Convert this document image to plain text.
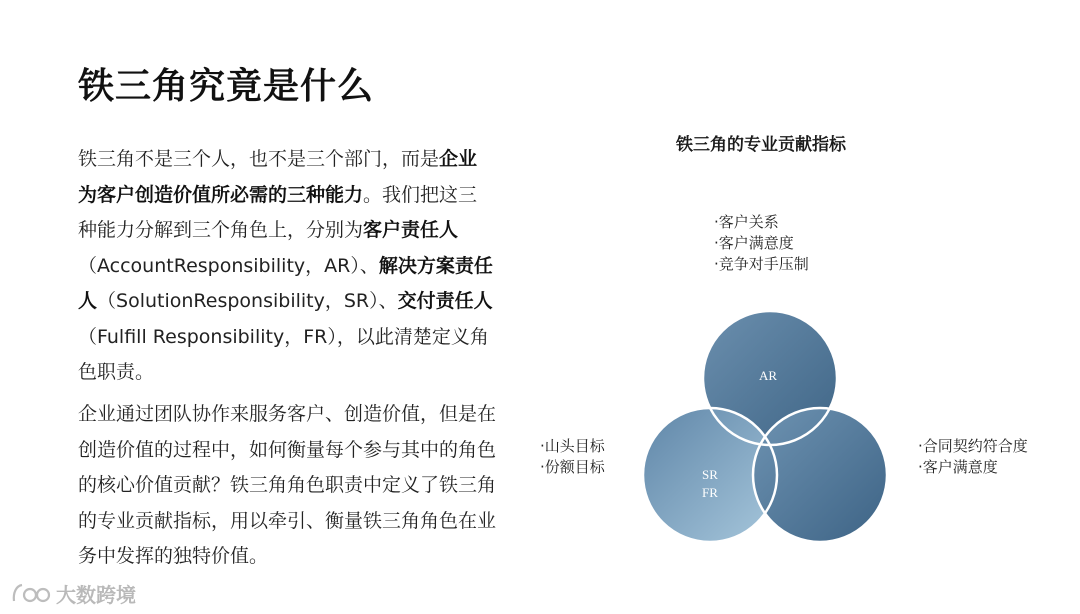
铁三角究竟是什么

铁三角不是三个人，也不是三个部门，而是企业为客户创造价值所必需的三种能力。我们把这三种能力分解到三个角色上，分别为客户责任人（AccountResponsibility，AR）、解决方案责任人（SolutionResponsibility，SR）、交付责任人（Fulfill Responsibility，FR），以此清楚定义角色职责。

企业通过团队协作来服务客户、创造价值，但是在创造价值的过程中，如何衡量每个参与其中的角色的核心价值贡献？铁三角角色职责中定义了铁三角的专业贡献指标，用以牵引、衡量铁三角角色在业务中发挥的独特价值。

铁三角的专业贡献指标
· 客户关系
· 客户满意度
· 竞争对手压制
· 山头目标
· 份额目标
· 合同契约符合度
· 客户满意度
AR
SR
FR
大数跨境
